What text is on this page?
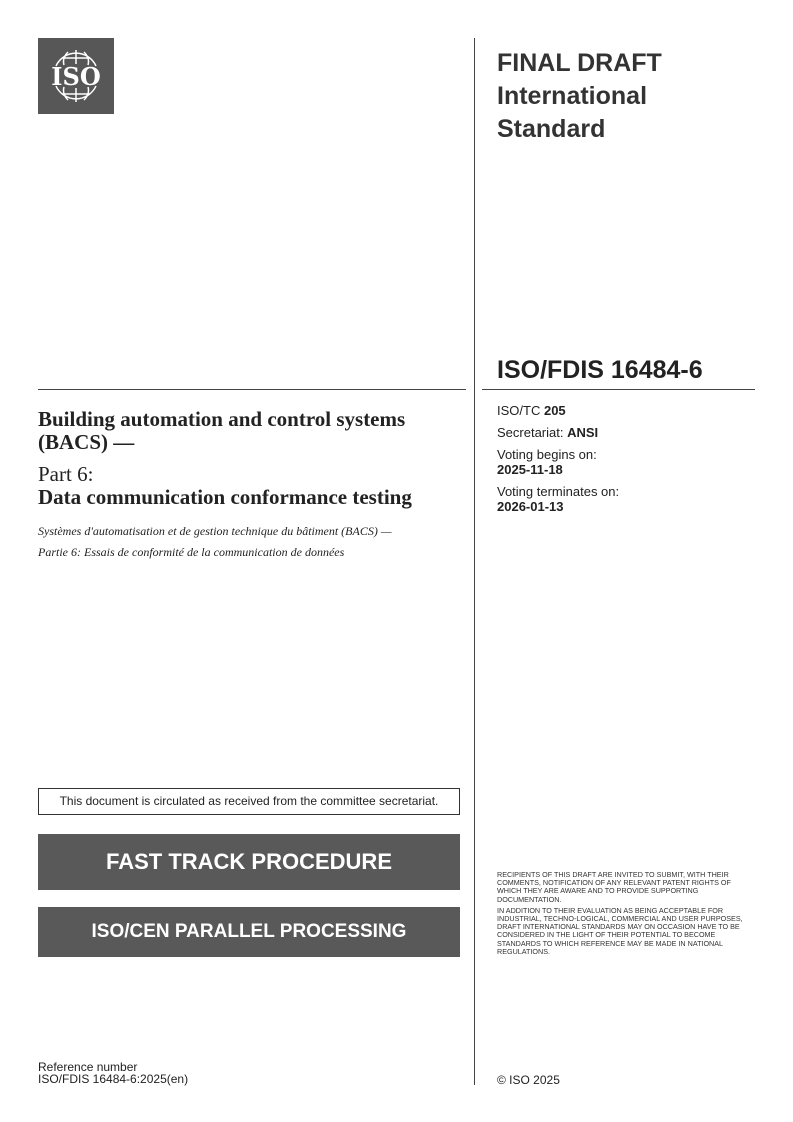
ISO	FINAL DRAFT
International
Standard
ISO/FDIS 16484-6
ISO/TC 205
Secretariat: ANSI
Voting begins on:
2025-11-18
Voting terminates on:
2026-01-13
Building automation and control systems (BACS) —
Part 6:
Data communication conformance testing
Systèmes d'automatisation et de gestion technique du bâtiment (BACS) —
Partie 6: Essais de conformité de la communication de données
This document is circulated as received from the committee secretariat.
FAST TRACK PROCEDURE
ISO/CEN PARALLEL PROCESSING
RECIPIENTS OF THIS DRAFT ARE INVITED TO SUBMIT, WITH THEIR COMMENTS, NOTIFICATION OF ANY RELEVANT PATENT RIGHTS OF WHICH THEY ARE AWARE AND TO PROVIDE SUPPORTING DOCUMENTATION.
IN ADDITION TO THEIR EVALUATION AS BEING ACCEPTABLE FOR INDUSTRIAL, TECHNO-LOGICAL, COMMERCIAL AND USER PURPOSES, DRAFT INTERNATIONAL STANDARDS MAY ON OCCASION HAVE TO BE CONSIDERED IN THE LIGHT OF THEIR POTENTIAL TO BECOME STANDARDS TO WHICH REFERENCE MAY BE MADE IN NATIONAL REGULATIONS.
Reference number
ISO/FDIS 16484-6:2025(en)	© ISO 2025
